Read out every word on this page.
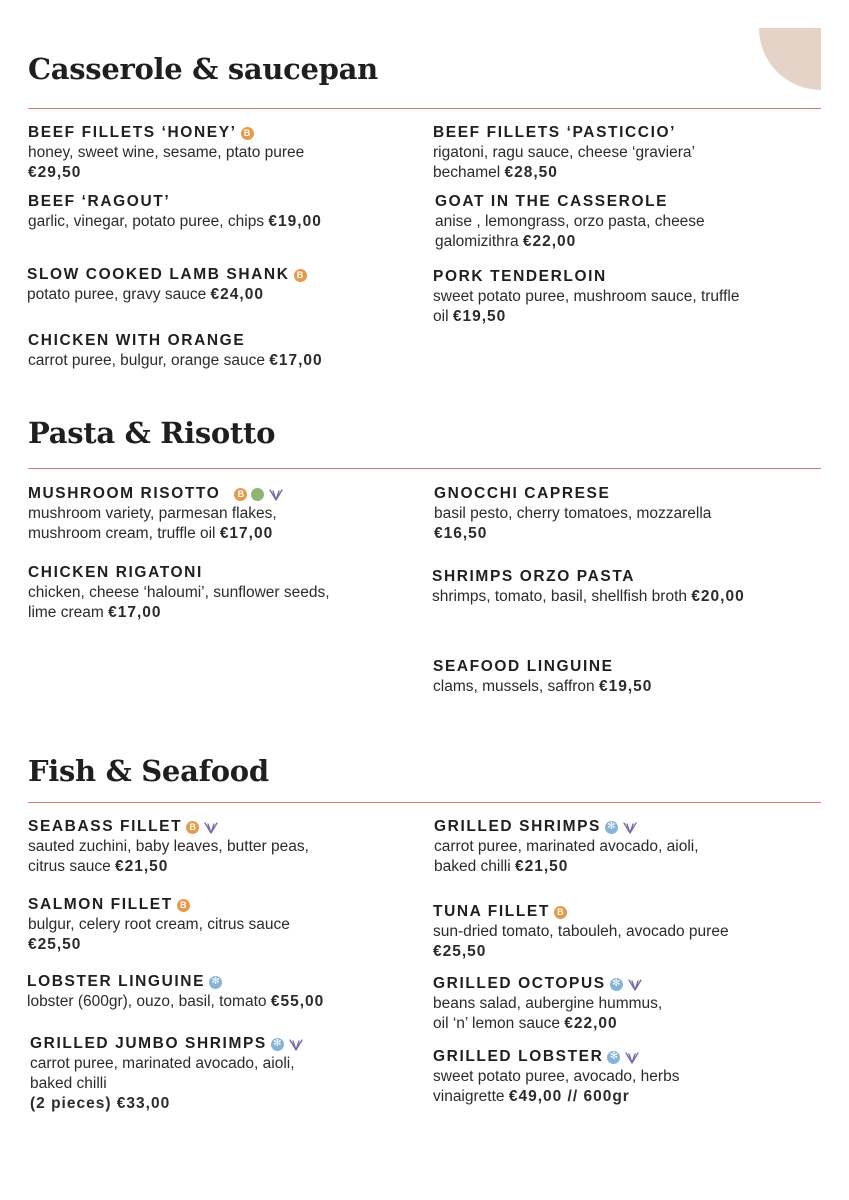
Casserole & saucepan
BEEF FILLETS ‘HONEY’ B
honey, sweet wine, sesame, ptato puree
€29,50
BEEF FILLETS ‘PASTICCIO’
rigatoni, ragu sauce, cheese ‘graviera’
bechamel €28,50
BEEF ‘RAGOUT’
garlic, vinegar, potato puree, chips €19,00
GOAT IN THE CASSEROLE
anise , lemongrass, orzo pasta, cheese
galomizithra €22,00
SLOW COOKED LAMB SHANK B
potato puree, gravy sauce €24,00
PORK TENDERLOIN
sweet potato puree, mushroom sauce, truffle
oil €19,50
CHICKEN WITH ORANGE
carrot puree, bulgur, orange sauce €17,00
Pasta & Risotto
MUSHROOM RISOTTO	B
mushroom variety, parmesan flakes,
mushroom cream, truffle oil €17,00
GNOCCHI CAPRESE
basil pesto, cherry tomatoes, mozzarella
€16,50
CHICKEN RIGATONI
chicken, cheese ‘haloumi’, sunflower seeds,
lime cream €17,00
SHRIMPS ORZO PASTA
shrimps, tomato, basil, shellfish broth €20,00
SEAFOOD LINGUINE
clams, mussels, saffron €19,50
Fish & Seafood
SEABASS FILLET B
sauted zuchini, baby leaves, butter peas,
citrus sauce €21,50
GRILLED SHRIMPS ✻
carrot puree, marinated avocado, aioli,
baked chilli €21,50
SALMON FILLET B
bulgur, celery root cream, citrus sauce
€25,50
TUNA FILLET B
sun-dried tomato, tabouleh, avocado puree
€25,50
LOBSTER LINGUINE ✻
lobster (600gr), ouzo, basil, tomato €55,00
GRILLED OCTOPUS ✻
beans salad, aubergine hummus,
oil ‘n’ lemon sauce €22,00
GRILLED JUMBO SHRIMPS ✻
carrot puree, marinated avocado, aioli,
baked chilli
(2 pieces) €33,00
GRILLED LOBSTER ✻
sweet potato puree, avocado, herbs
vinaigrette €49,00 // 600gr
